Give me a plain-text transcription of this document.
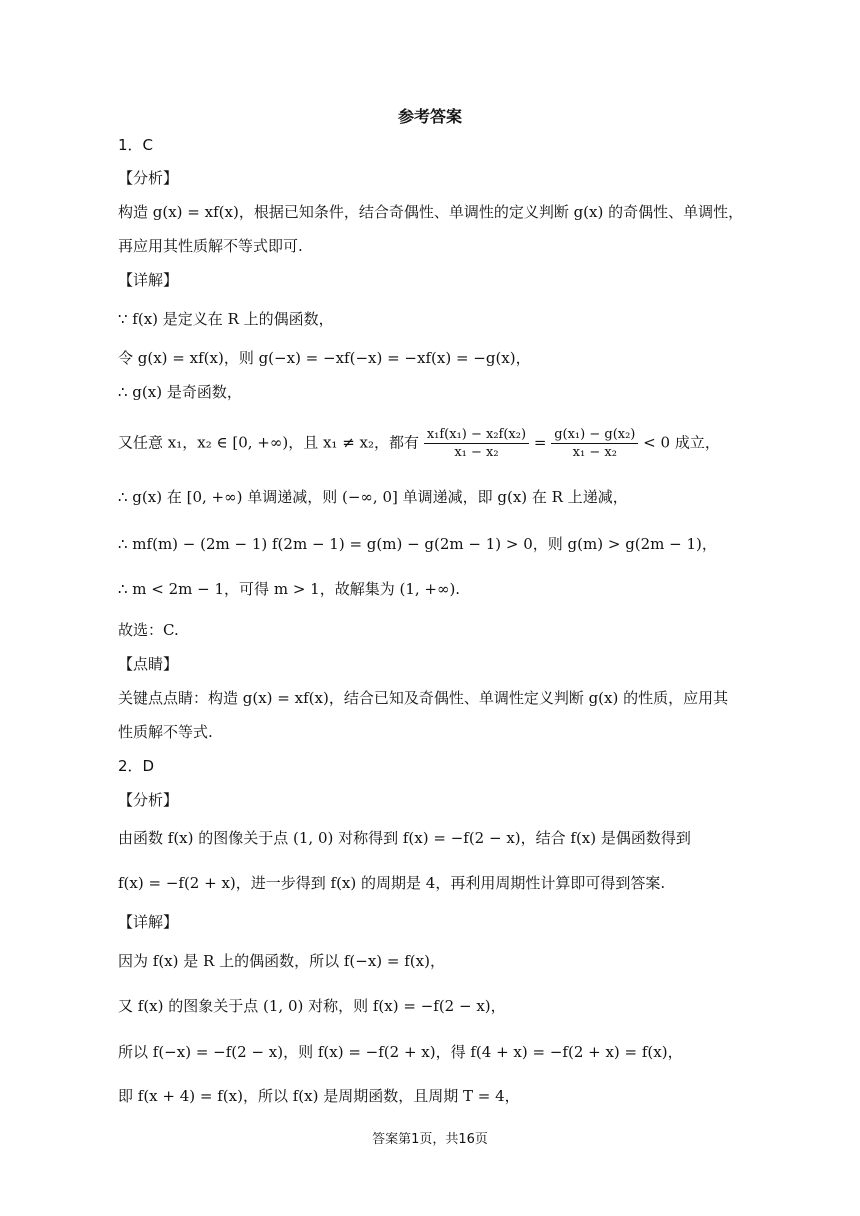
参考答案
1．C
【分析】
构造 g(x) = xf(x)，根据已知条件，结合奇偶性、单调性的定义判断 g(x) 的奇偶性、单调性，
再应用其性质解不等式即可.
【详解】
∵ f(x) 是定义在 R 上的偶函数，
令 g(x) = xf(x)，则 g(−x) = −xf(−x) = −xf(x) = −g(x)，
∴ g(x) 是奇函数，
又任意 x₁，x₂ ∈ [0, +∞)，且 x₁ ≠ x₂，都有 $\frac{\text{x₁f(x₁) − x₂f(x₂)}}{\text{x₁ − x₂}} = \frac{\text{g(x₁) − g(x₂)}}{\text{x₁ − x₂}} < 0$ 成立，
∴ g(x) 在 [0, +∞) 单调递减，则 (−∞, 0] 单调递减，即 g(x) 在 R 上递减，
∴ mf(m) − (2m − 1) f(2m − 1) = g(m) − g(2m − 1) > 0，则 g(m) > g(2m − 1)，
∴ m < 2m − 1，可得 m > 1，故解集为 (1, +∞).
故选：C.
【点睛】
关键点点睛：构造 g(x) = xf(x)，结合已知及奇偶性、单调性定义判断 g(x) 的性质，应用其
性质解不等式.
2．D
【分析】
由函数 f(x) 的图像关于点 (1, 0) 对称得到 f(x) = −f(2 − x)，结合 f(x) 是偶函数得到
f(x) = −f(2 + x)，进一步得到 f(x) 的周期是 4，再利用周期性计算即可得到答案.
【详解】
因为 f(x) 是 R 上的偶函数，所以 f(−x) = f(x)，
又 f(x) 的图象关于点 (1, 0) 对称，则 f(x) = −f(2 − x)，
所以 f(−x) = −f(2 − x)，则 f(x) = −f(2 + x)，得 f(4 + x) = −f(2 + x) = f(x)，
即 f(x + 4) = f(x)，所以 f(x) 是周期函数，且周期 T = 4，
答案第1页，共16页
